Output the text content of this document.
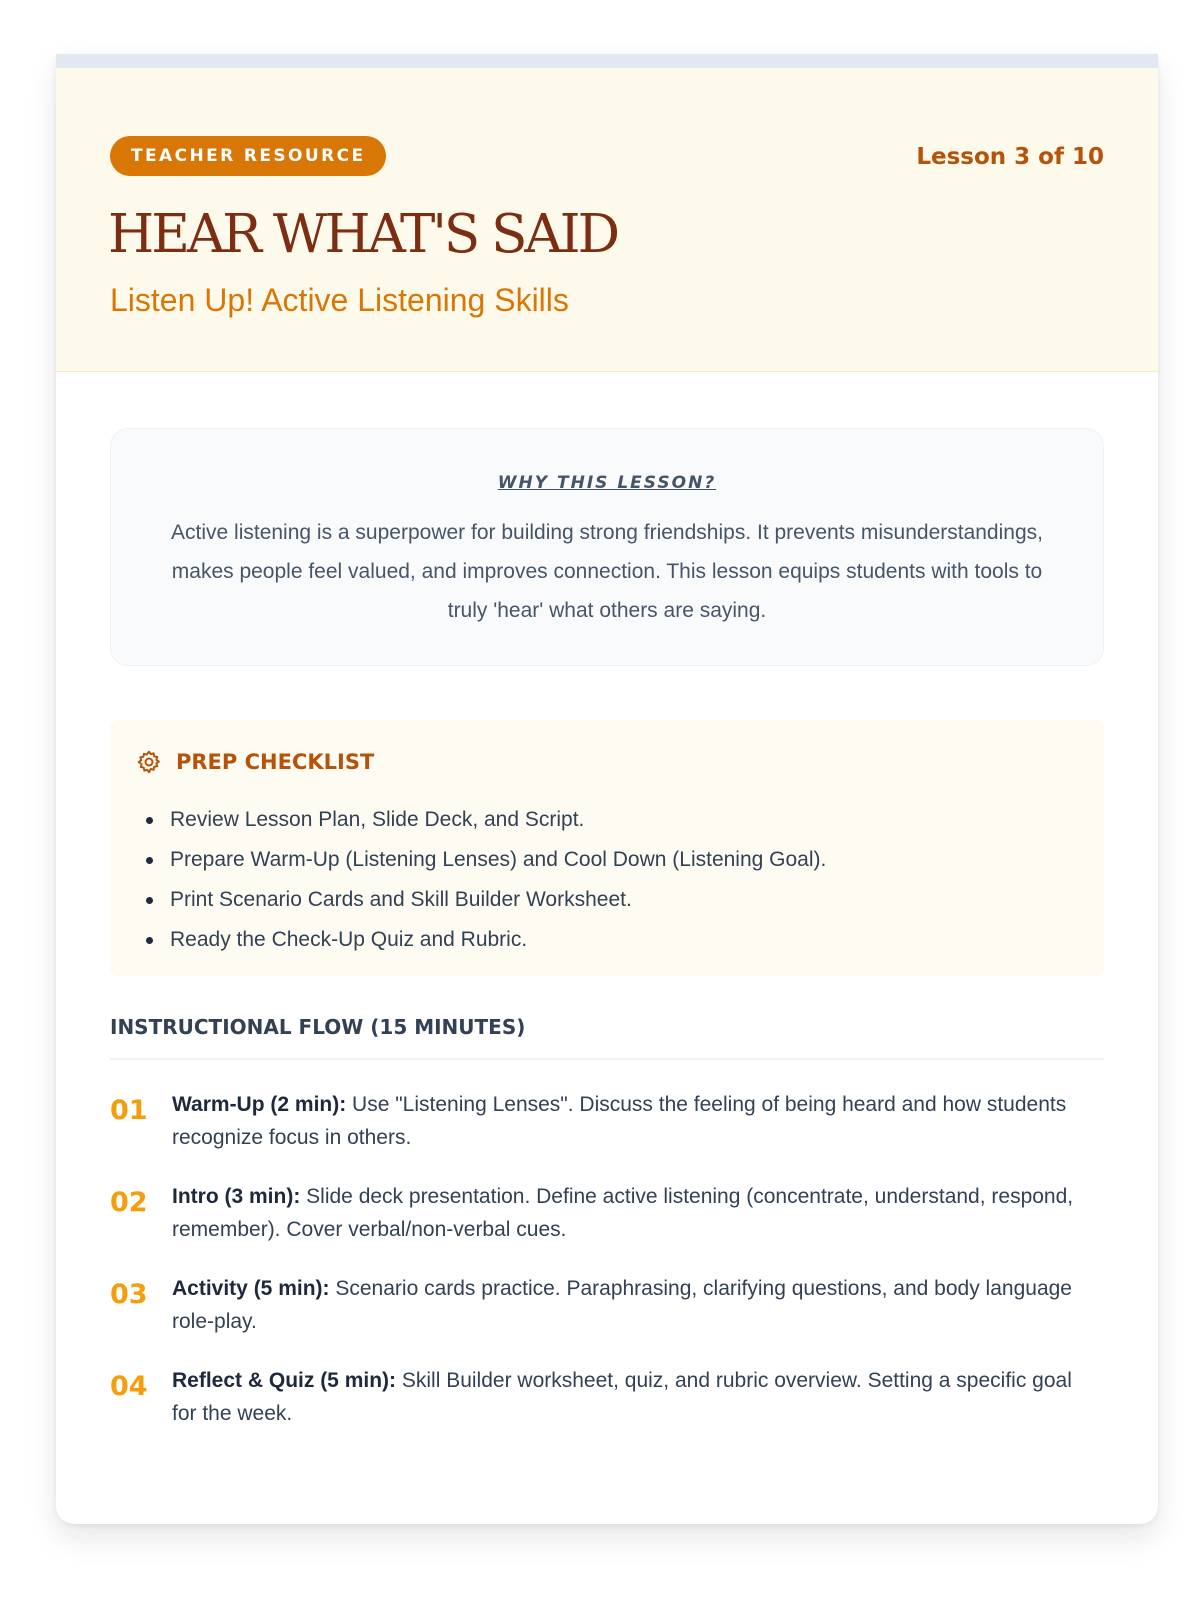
TEACHER RESOURCE	Lesson 3 of 10
HEAR WHAT'S SAID
Listen Up! Active Listening Skills
WHY THIS LESSON?
Active listening is a superpower for building strong friendships. It prevents misunderstandings, makes people feel valued, and improves connection. This lesson equips students with tools to truly 'hear' what others are saying.
PREP CHECKLIST
Review Lesson Plan, Slide Deck, and Script.
Prepare Warm-Up (Listening Lenses) and Cool Down (Listening Goal).
Print Scenario Cards and Skill Builder Worksheet.
Ready the Check-Up Quiz and Rubric.
INSTRUCTIONAL FLOW (15 MINUTES)
01	Warm-Up (2 min): Use "Listening Lenses". Discuss the feeling of being heard and how students recognize focus in others.
02	Intro (3 min): Slide deck presentation. Define active listening (concentrate, understand, respond, remember). Cover verbal/non-verbal cues.
03	Activity (5 min): Scenario cards practice. Paraphrasing, clarifying questions, and body language role-play.
04	Reflect & Quiz (5 min): Skill Builder worksheet, quiz, and rubric overview. Setting a specific goal for the week.
